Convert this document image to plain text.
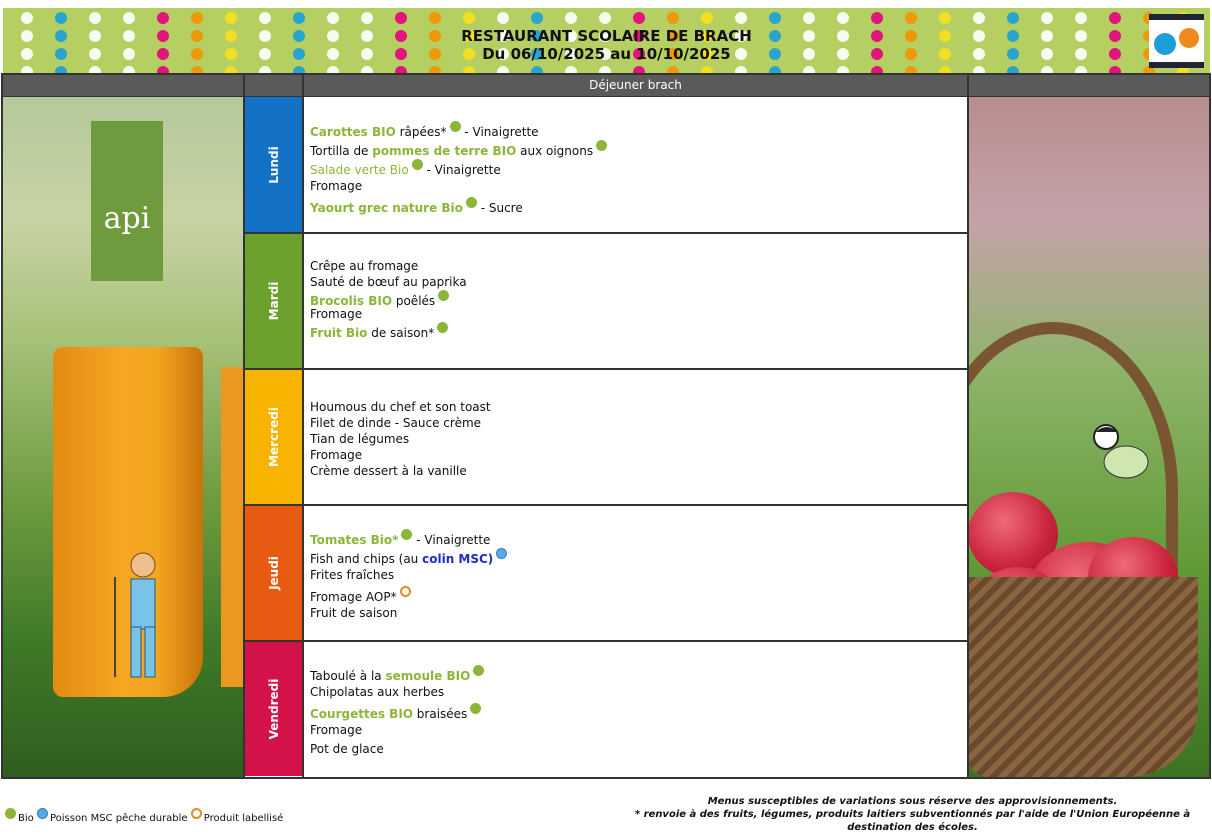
RESTAURANT SCOLAIRE DE BRACH
Du 06/10/2025 au 10/10/2025
Déjeuner brach
api
Lundi
Mardi
Mercredi
Jeudi
Vendredi
Carottes BIO râpées* - Vinaigrette
Tortilla de pommes de terre BIO aux oignons
Salade verte Bio - Vinaigrette
Fromage
Yaourt grec nature Bio - Sucre
Crêpe au fromage
Sauté de bœuf au paprika
Brocolis BIO poêlés
Fromage
Fruit Bio de saison*
Houmous du chef et son toast
Filet de dinde - Sauce crème
Tian de légumes
Fromage
Crème dessert à la vanille
Tomates Bio* - Vinaigrette
Fish and chips (au colin MSC)
Frites fraîches
Fromage AOP*
Fruit de saison
Taboulé à la semoule BIO
Chipolatas aux herbes
Courgettes BIO braisées
Fromage
Pot de glace
Bio Poisson MSC pêche durable Produit labellisé
Menus susceptibles de variations sous réserve des approvisionnements.
* renvoie à des fruits, légumes, produits laitiers subventionnés par l'aide de l'Union Européenne à destination des écoles.
